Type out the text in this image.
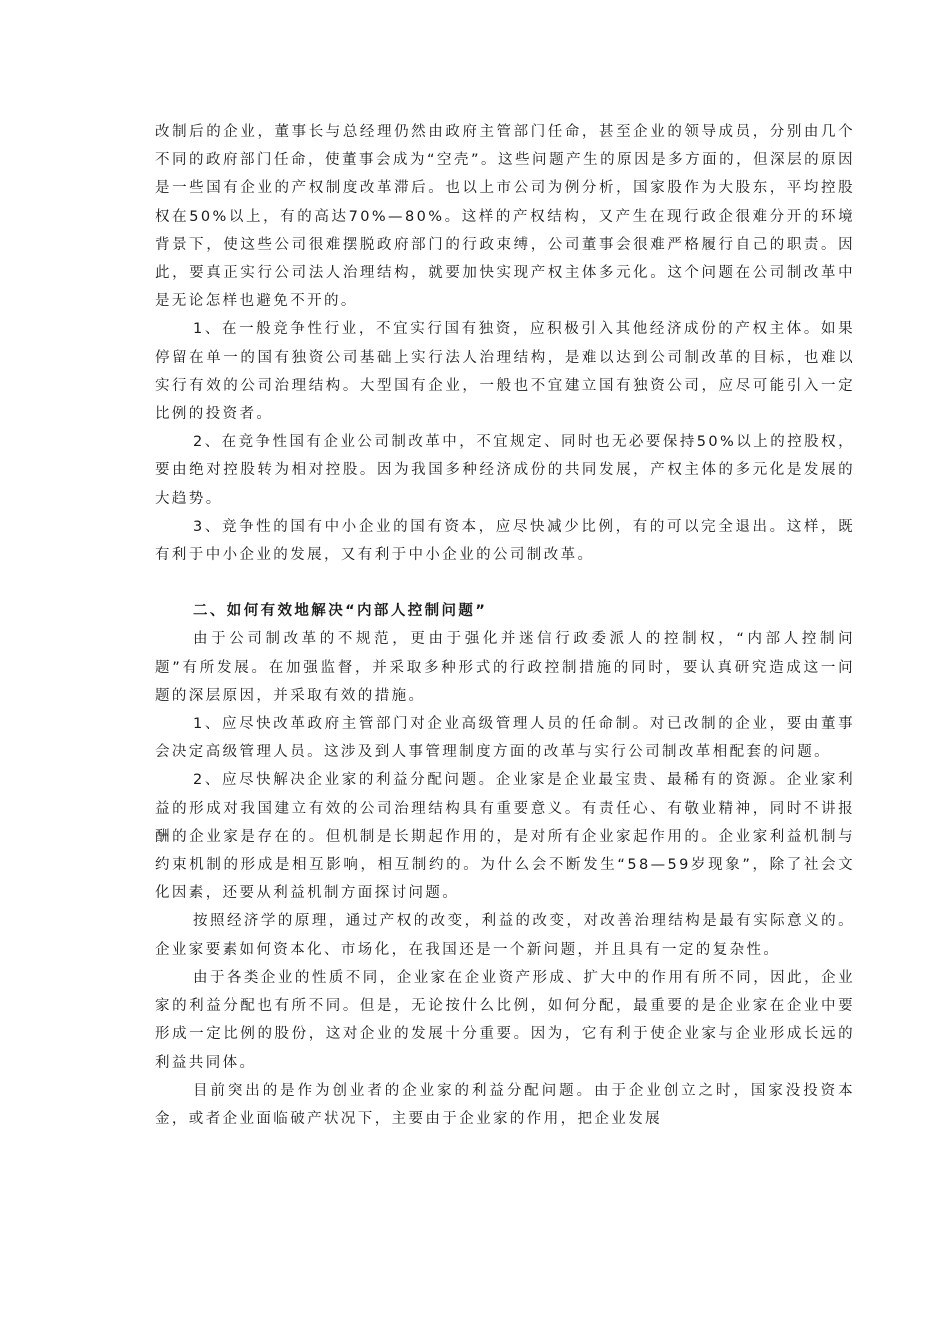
改制后的企业，董事长与总经理仍然由政府主管部门任命，甚至企业的领导成员，分别由几个不同的政府部门任命，使董事会成为“空壳”。这些问题产生的原因是多方面的，但深层的原因是一些国有企业的产权制度改革滞后。也以上市公司为例分析，国家股作为大股东，平均控股权在50%以上，有的高达70%—80%。这样的产权结构，又产生在现行政企很难分开的环境背景下，使这些公司很难摆脱政府部门的行政束缚，公司董事会很难严格履行自己的职责。因此，要真正实行公司法人治理结构，就要加快实现产权主体多元化。这个问题在公司制改革中是无论怎样也避免不开的。

1、在一般竞争性行业，不宜实行国有独资，应积极引入其他经济成份的产权主体。如果停留在单一的国有独资公司基础上实行法人治理结构，是难以达到公司制改革的目标，也难以实行有效的公司治理结构。大型国有企业，一般也不宜建立国有独资公司，应尽可能引入一定比例的投资者。

2、在竞争性国有企业公司制改革中，不宜规定、同时也无必要保持50%以上的控股权，要由绝对控股转为相对控股。因为我国多种经济成份的共同发展，产权主体的多元化是发展的大趋势。

3、竞争性的国有中小企业的国有资本，应尽快减少比例，有的可以完全退出。这样，既有利于中小企业的发展，又有利于中小企业的公司制改革。

二、如何有效地解决“内部人控制问题”

由于公司制改革的不规范，更由于强化并迷信行政委派人的控制权，“内部人控制问题”有所发展。在加强监督，并采取多种形式的行政控制措施的同时，要认真研究造成这一问题的深层原因，并采取有效的措施。

1、应尽快改革政府主管部门对企业高级管理人员的任命制。对已改制的企业，要由董事会决定高级管理人员。这涉及到人事管理制度方面的改革与实行公司制改革相配套的问题。

2、应尽快解决企业家的利益分配问题。企业家是企业最宝贵、最稀有的资源。企业家利益的形成对我国建立有效的公司治理结构具有重要意义。有责任心、有敬业精神，同时不讲报酬的企业家是存在的。但机制是长期起作用的，是对所有企业家起作用的。企业家利益机制与约束机制的形成是相互影响，相互制约的。为什么会不断发生“58—59岁现象”，除了社会文化因素，还要从利益机制方面探讨问题。

按照经济学的原理，通过产权的改变，利益的改变，对改善治理结构是最有实际意义的。企业家要素如何资本化、市场化，在我国还是一个新问题，并且具有一定的复杂性。

由于各类企业的性质不同，企业家在企业资产形成、扩大中的作用有所不同，因此，企业家的利益分配也有所不同。但是，无论按什么比例，如何分配，最重要的是企业家在企业中要形成一定比例的股份，这对企业的发展十分重要。因为，它有利于使企业家与企业形成长远的利益共同体。

目前突出的是作为创业者的企业家的利益分配问题。由于企业创立之时，国家没投资本金，或者企业面临破产状况下，主要由于企业家的作用，把企业发展
